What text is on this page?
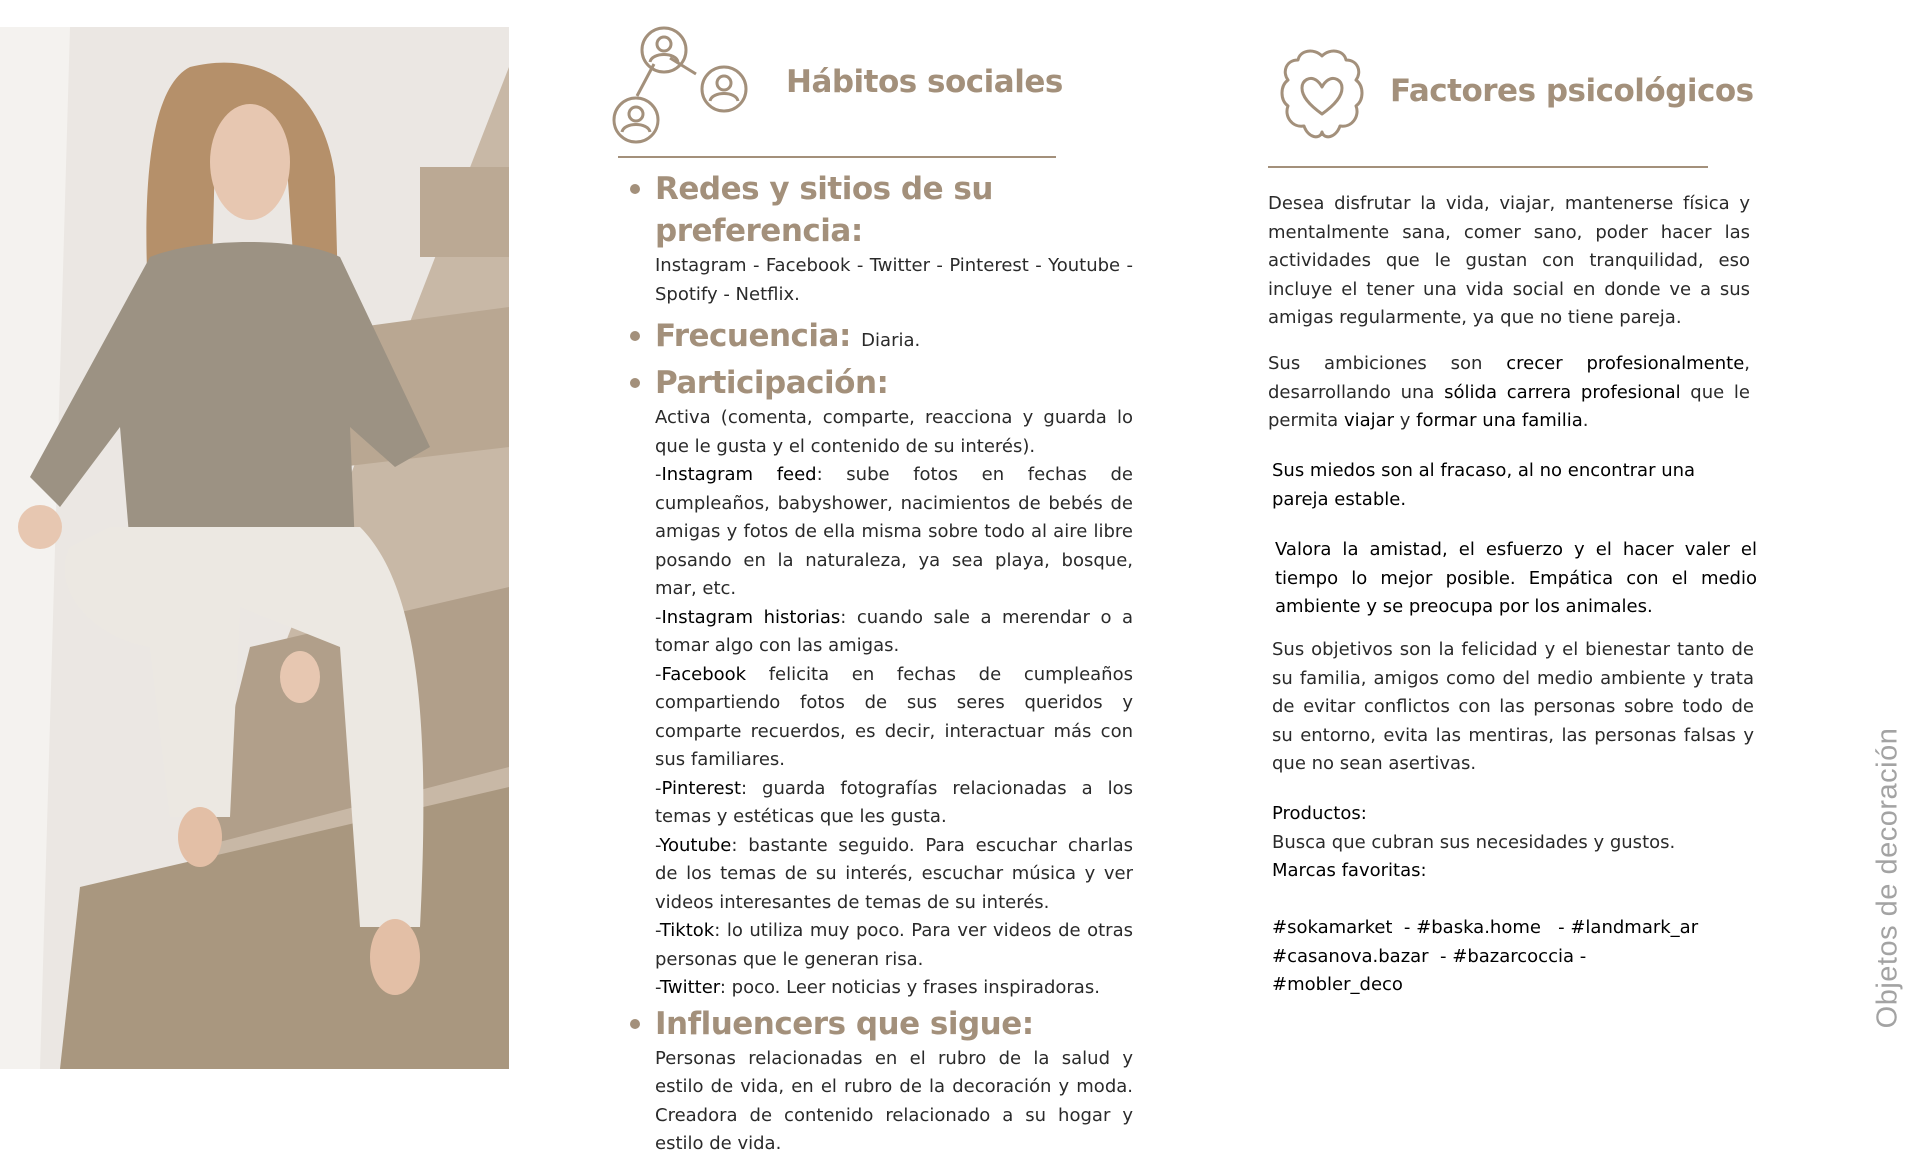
Hábitos sociales
Redes y sitios de su preferencia:

Instagram - Facebook - Twitter - Pinterest - Youtube - Spotify - Netflix.

Frecuencia: Diaria.
Participación:

Activa (comenta, comparte, reacciona y guarda lo que le gusta y el contenido de su interés).

-Instagram feed: sube fotos en fechas de cumpleaños, babyshower, nacimientos de bebés de amigas y fotos de ella misma sobre todo al aire libre posando en la naturaleza, ya sea playa, bosque, mar, etc.

-Instagram historias: cuando sale a merendar o a tomar algo con las amigas.

-Facebook felicita en fechas de cumpleaños compartiendo fotos de sus seres queridos y comparte recuerdos, es decir, interactuar más con sus familiares.

-Pinterest: guarda fotografías relacionadas a los temas y estéticas que les gusta.

-Youtube: bastante seguido. Para escuchar charlas de los temas de su interés, escuchar música y ver videos interesantes de temas de su interés.

-Tiktok: lo utiliza muy poco. Para ver videos de otras personas que le generan risa.

-Twitter: poco. Leer noticias y frases inspiradoras.

Influencers que sigue:

Personas relacionadas en el rubro de la salud y estilo de vida, en el rubro de la decoración y moda. Creadora de contenido relacionado a su hogar y estilo de vida.

Factores psicológicos

Desea disfrutar la vida, viajar, mantenerse física y mentalmente sana, comer sano, poder hacer las actividades que le gustan con tranquilidad, eso incluye el tener una vida social en donde ve a sus amigas regularmente, ya que no tiene pareja.

Sus ambiciones son crecer profesionalmente, desarrollando una sólida carrera profesional que le permita viajar y formar una familia.

Sus miedos son al fracaso, al no encontrar una pareja estable.

Valora la amistad, el esfuerzo y el hacer valer el tiempo lo mejor posible. Empática con el medio ambiente y se preocupa por los animales.

Sus objetivos son la felicidad y el bienestar tanto de su familia, amigos como del medio ambiente y trata de evitar conflictos con las personas sobre todo de su entorno, evita las mentiras, las personas falsas y que no sean asertivas.

Productos:

Busca que cubran sus necesidades y gustos.

Marcas favoritas:

#sokamarket  - #baska.home   - #landmark_ar

#casanova.bazar  - #bazarcoccia -

#mobler_deco	Objetos de decoración
